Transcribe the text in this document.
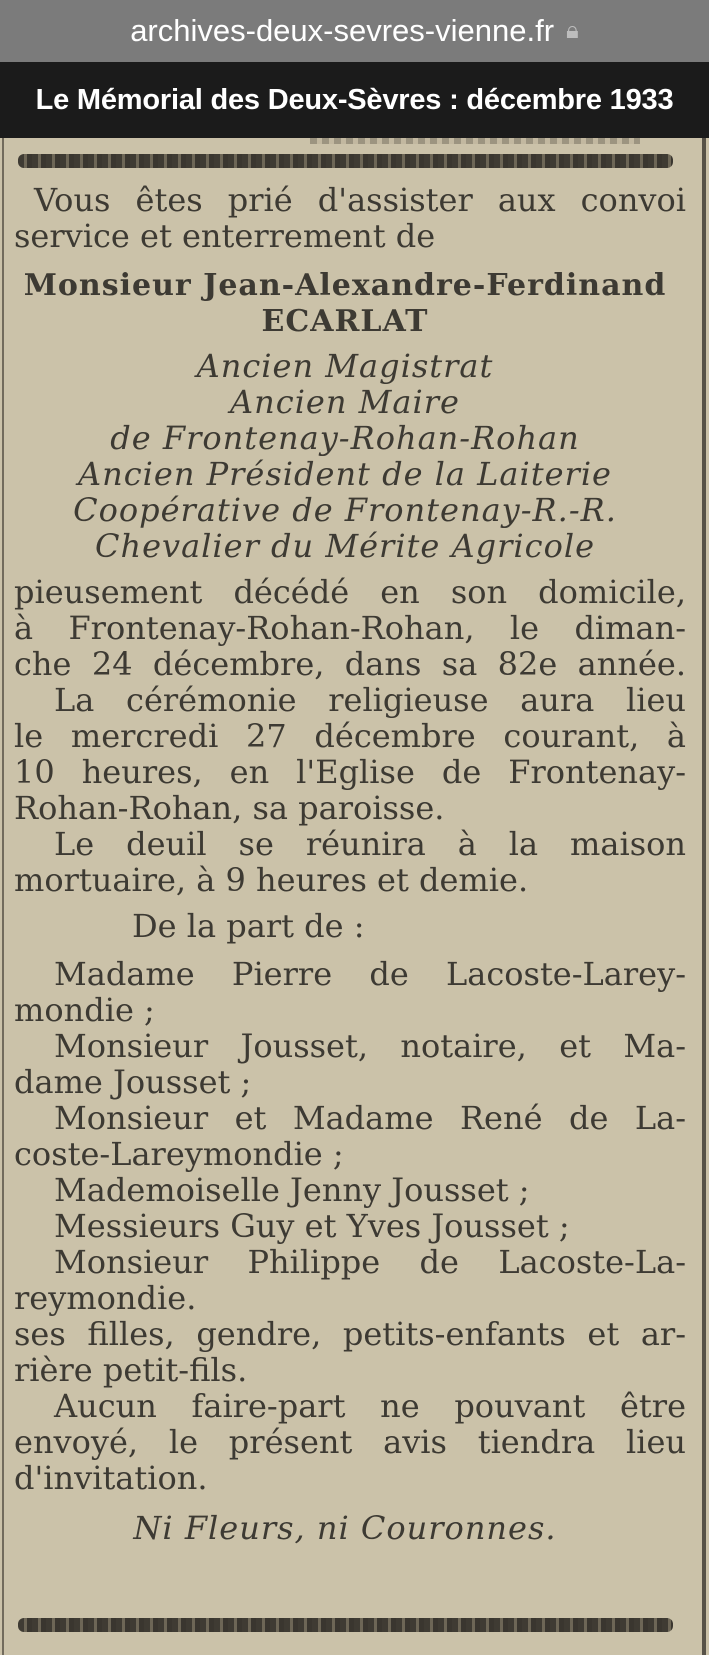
archives-deux-sevres-vienne.fr 🔒︎
Le Mémorial des Deux-Sèvres : décembre 1933
Vous êtes prié d'assister aux convoi
service et enterrement de
Monsieur Jean-Alexandre-Ferdinand
ECARLAT
Ancien Magistrat
Ancien Maire
de Frontenay-Rohan-Rohan
Ancien Président de la Laiterie
Coopérative de Frontenay-R.-R.
Chevalier du Mérite Agricole
pieusement décédé en son domicile,
à Frontenay-Rohan-Rohan, le diman-
che 24 décembre, dans sa 82e année.
La cérémonie religieuse aura lieu
le mercredi 27 décembre courant, à
10 heures, en l'Eglise de Frontenay-
Rohan-Rohan, sa paroisse.
Le deuil se réunira à la maison
mortuaire, à 9 heures et demie.
De la part de :
Madame Pierre de Lacoste-Larey-
mondie ;
Monsieur Jousset, notaire, et Ma-
dame Jousset ;
Monsieur et Madame René de La-
coste-Lareymondie ;
Mademoiselle Jenny Jousset ;
Messieurs Guy et Yves Jousset ;
Monsieur Philippe de Lacoste-La-
reymondie.
ses filles, gendre, petits-enfants et ar-
rière petit-fils.
Aucun faire-part ne pouvant être
envoyé, le présent avis tiendra lieu
d'invitation.
Ni Fleurs, ni Couronnes.
